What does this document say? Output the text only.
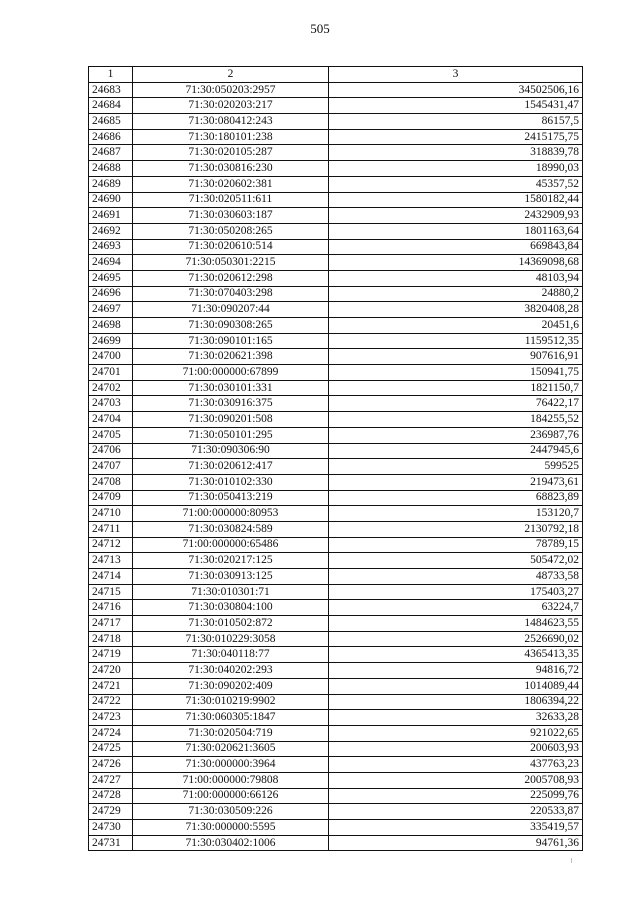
505
1	2	3
24683	71:30:050203:2957	34502506,16
24684	71:30:020203:217	1545431,47
24685	71:30:080412:243	86157,5
24686	71:30:180101:238	2415175,75
24687	71:30:020105:287	318839,78
24688	71:30:030816:230	18990,03
24689	71:30:020602:381	45357,52
24690	71:30:020511:611	1580182,44
24691	71:30:030603:187	2432909,93
24692	71:30:050208:265	1801163,64
24693	71:30:020610:514	669843,84
24694	71:30:050301:2215	14369098,68
24695	71:30:020612:298	48103,94
24696	71:30:070403:298	24880,2
24697	71:30:090207:44	3820408,28
24698	71:30:090308:265	20451,6
24699	71:30:090101:165	1159512,35
24700	71:30:020621:398	907616,91
24701	71:00:000000:67899	150941,75
24702	71:30:030101:331	1821150,7
24703	71:30:030916:375	76422,17
24704	71:30:090201:508	184255,52
24705	71:30:050101:295	236987,76
24706	71:30:090306:90	2447945,6
24707	71:30:020612:417	599525
24708	71:30:010102:330	219473,61
24709	71:30:050413:219	68823,89
24710	71:00:000000:80953	153120,7
24711	71:30:030824:589	2130792,18
24712	71:00:000000:65486	78789,15
24713	71:30:020217:125	505472,02
24714	71:30:030913:125	48733,58
24715	71:30:010301:71	175403,27
24716	71:30:030804:100	63224,7
24717	71:30:010502:872	1484623,55
24718	71:30:010229:3058	2526690,02
24719	71:30:040118:77	4365413,35
24720	71:30:040202:293	94816,72
24721	71:30:090202:409	1014089,44
24722	71:30:010219:9902	1806394,22
24723	71:30:060305:1847	32633,28
24724	71:30:020504:719	921022,65
24725	71:30:020621:3605	200603,93
24726	71:30:000000:3964	437763,23
24727	71:00:000000:79808	2005708,93
24728	71:00:000000:66126	225099,76
24729	71:30:030509:226	220533,87
24730	71:30:000000:5595	335419,57
24731	71:30:030402:1006	94761,36
